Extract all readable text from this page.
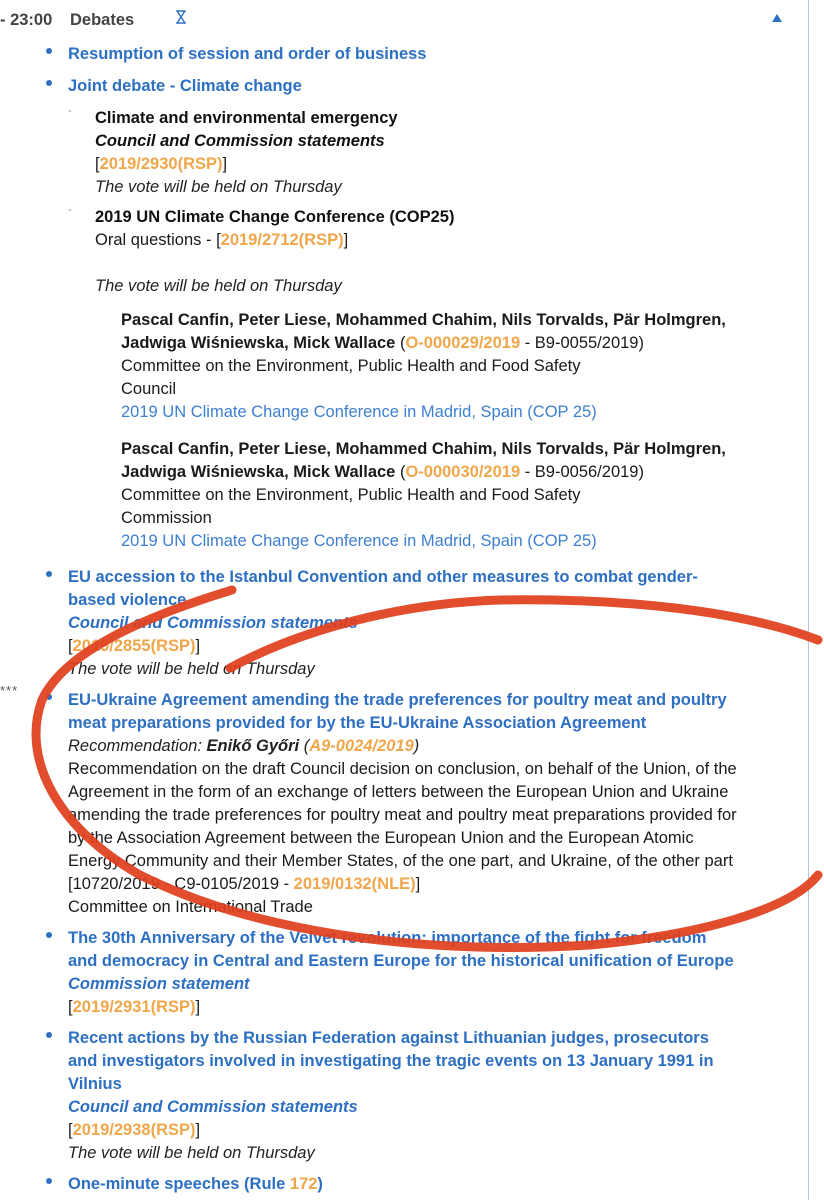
- 23:00 Debates
Resumption of session and order of business
Joint debate - Climate change
- Climate and environmental emergency
Council and Commission statements
[2019/2930(RSP)]
The vote will be held on Thursday
- 2019 UN Climate Change Conference (COP25)
Oral questions - [2019/2712(RSP)]
The vote will be held on Thursday
Pascal Canfin, Peter Liese, Mohammed Chahim, Nils Torvalds, Pär Holmgren,
Jadwiga Wiśniewska, Mick Wallace (O-000029/2019 - B9-0055/2019)
Committee on the Environment, Public Health and Food Safety
Council
2019 UN Climate Change Conference in Madrid, Spain (COP 25)
Pascal Canfin, Peter Liese, Mohammed Chahim, Nils Torvalds, Pär Holmgren,
Jadwiga Wiśniewska, Mick Wallace (O-000030/2019 - B9-0056/2019)
Committee on the Environment, Public Health and Food Safety
Commission
2019 UN Climate Change Conference in Madrid, Spain (COP 25)
EU accession to the Istanbul Convention and other measures to combat gender-
based violence
Council and Commission statements
[2019/2855(RSP)]
The vote will be held on Thursday
***
EU-Ukraine Agreement amending the trade preferences for poultry meat and poultry
meat preparations provided for by the EU-Ukraine Association Agreement
Recommendation: Enikő Győri (A9-0024/2019)
Recommendation on the draft Council decision on conclusion, on behalf of the Union, of the
Agreement in the form of an exchange of letters between the European Union and Ukraine
amending the trade preferences for poultry meat and poultry meat preparations provided for
by the Association Agreement between the European Union and the European Atomic
Energy Community and their Member States, of the one part, and Ukraine, of the other part
[10720/2019 - C9-0105/2019 - 2019/0132(NLE)]
Committee on International Trade
The 30th Anniversary of the Velvet revolution: importance of the fight for freedom
and democracy in Central and Eastern Europe for the historical unification of Europe
Commission statement
[2019/2931(RSP)]
Recent actions by the Russian Federation against Lithuanian judges, prosecutors
and investigators involved in investigating the tragic events on 13 January 1991 in
Vilnius
Council and Commission statements
[2019/2938(RSP)]
The vote will be held on Thursday
One-minute speeches (Rule 172)
